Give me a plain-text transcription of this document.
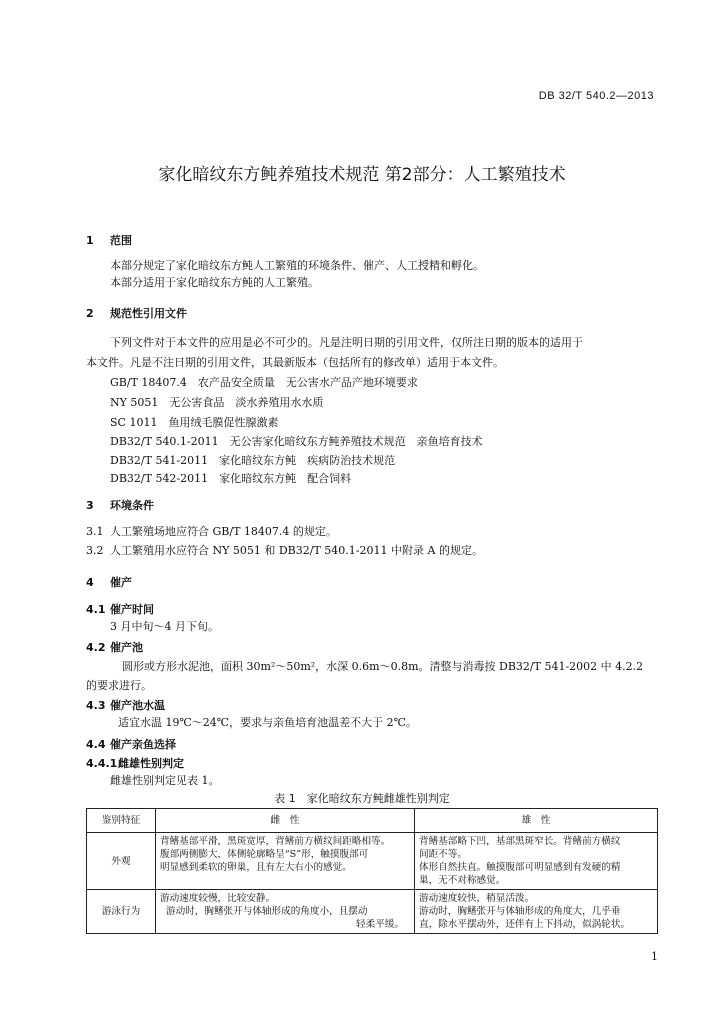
DB 32/T 540.2—2013
家化暗纹东方鲀养殖技术规范 第2部分：人工繁殖技术
1 范围
本部分规定了家化暗纹东方鲀人工繁殖的环境条件、催产、人工授精和孵化。
本部分适用于家化暗纹东方鲀的人工繁殖。
2 规范性引用文件
下列文件对于本文件的应用是必不可少的。凡是注明日期的引用文件，仅所注日期的版本的适用于
本文件。凡是不注日期的引用文件，其最新版本（包括所有的修改单）适用于本文件。
GB/T 18407.4　农产品安全质量　无公害水产品产地环境要求
NY 5051　无公害食品　淡水养殖用水水质
SC 1011　鱼用绒毛膜促性腺激素
DB32/T 540.1-2011　无公害家化暗纹东方鲀养殖技术规范　亲鱼培育技术
DB32/T 541-2011　家化暗纹东方鲀　疾病防治技术规范
DB32/T 542-2011　家化暗纹东方鲀　配合饲料
3 环境条件
3.1 人工繁殖场地应符合 GB/T 18407.4 的规定。
3.2 人工繁殖用水应符合 NY 5051 和 DB32/T 540.1-2011 中附录 A 的规定。
4 催产
4.1 催产时间
3 月中旬～4 月下旬。
4.2 催产池
圆形或方形水泥池，面积 30m²～50m²，水深 0.6m～0.8m。清整与消毒按 DB32/T 541-2002 中 4.2.2
的要求进行。
4.3 催产池水温
适宜水温 19℃～24℃，要求与亲鱼培育池温差不大于 2℃。
4.4 催产亲鱼选择
4.4.1雌雄性别判定
雌雄性别判定见表 1。
表 1　家化暗纹东方鲀雌雄性别判定
鉴别特征	雌　性	雄　性
外观	背鳍基部平滑，黑斑宽厚，背鳍前方横纹间距略相等。
腹部两侧膨大，体侧轮廓略呈“S”形，触摸腹部可
明显感到柔软的卵巢，且有左大右小的感觉。	背鳍基部略下凹，基部黑斑窄长。背鳍前方横纹
间距不等。
体形自然扶直。触摸腹部可明显感到有发硬的精
巢，无不对称感觉。

游泳行为	游动速度较慢，比较安静。
游动时，胸鳍张开与体轴形成的角度小，且摆动
轻柔平缓。	游动速度较快，稍显活泼。
游动时，胸鳍张开与体轴形成的角度大，几乎垂
直，除水平摆动外，还伴有上下抖动，似涡轮状。
1
